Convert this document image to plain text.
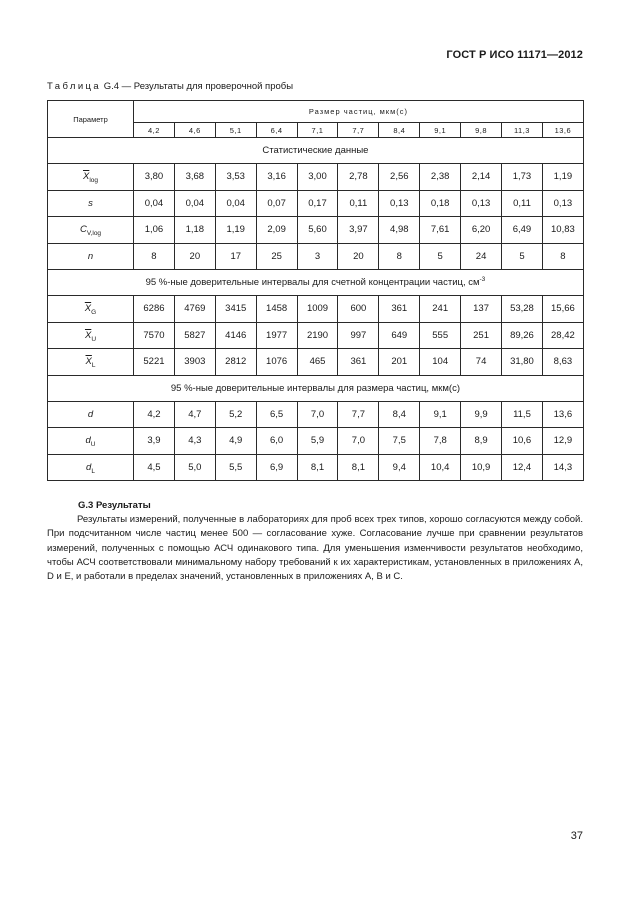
ГОСТ Р ИСО 11171—2012
Таблица G.4 — Результаты для проверочной пробы
Параметр	Размер частиц, мкм(с)										
	4,2	4,6	5,1	6,4	7,1	7,7	8,4	9,1	9,8	11,3	13,6
Статистические данные											
$\overline{X}_{log}$	3,80	3,68	3,53	3,16	3,00	2,78	2,56	2,38	2,14	1,73	1,19
s	0,04	0,04	0,04	0,07	0,17	0,11	0,13	0,18	0,13	0,11	0,13
$C_{V,log}$	1,06	1,18	1,19	2,09	5,60	3,97	4,98	7,61	6,20	6,49	10,83
n	8	20	17	25	3	20	8	5	24	5	8
95 %-ные доверительные интервалы для счетной концентрации частиц, $см^{-3}$
$\overline{X}_G$	6286	4769	3415	1458	1009	600	361	241	137	53,28	15,66
$\overline{X}_U$	7570	5827	4146	1977	2190	997	649	555	251	89,26	28,42
$\overline{X}_L$	5221	3903	2812	1076	465	361	201	104	74	31,80	8,63
95 %-ные доверительные интервалы для размера частиц, мкм(с)											
d	4,2	4,7	5,2	6,5	7,0	7,7	8,4	9,1	9,9	11,5	13,6
$d_U$	3,9	4,3	4,9	6,0	5,9	7,0	7,5	7,8	8,9	10,6	12,9
$d_L$	4,5	5,0	5,5	6,9	8,1	8,1	9,4	10,4	10,9	12,4	14,3
G.3 Результаты

Результаты измерений, полученные в лабораториях для проб всех трех типов, хорошо согласуются между собой. При подсчитанном числе частиц менее 500 — согласование хуже. Согласование лучше при сравнении результатов измерений, полученных с помощью АСЧ одинакового типа. Для уменьшения изменчивости результатов необходимо, чтобы АСЧ соответствовали минимальному набору требований к их характеристикам, установленных в приложениях А, D и Е, и работали в пределах значений, установленных в приложениях А, В и С.

37
